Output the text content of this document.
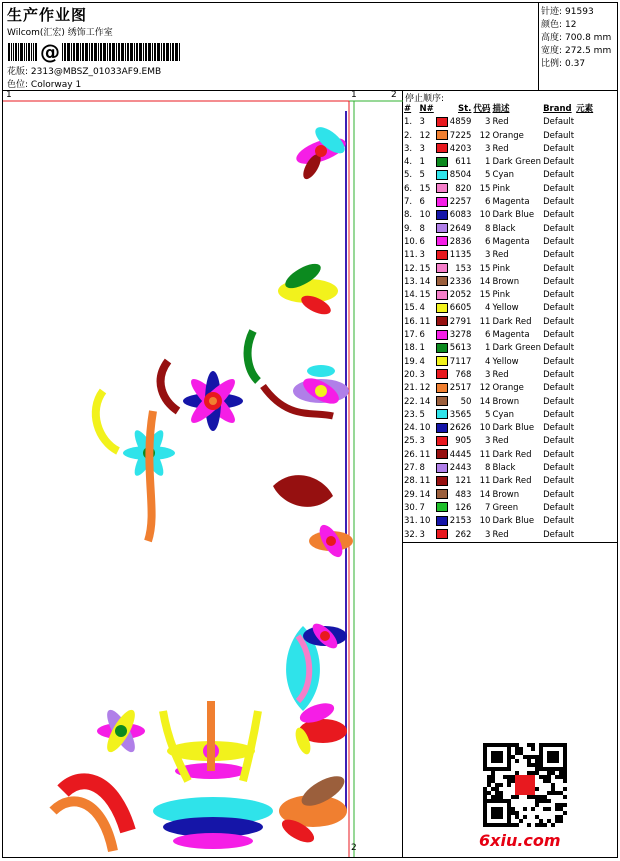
生产作业图
Wilcom(汇宏) 绣饰工作室
@
花版: 2313@MBSZ_01033AF9.EMB
色位: Colorway 1
针迹: 91593
颜色: 12
高度: 700.8 mm
宽度: 272.5 mm
比例: 0.37
1	1	2
2
停止顺序:
#	N#	St.		代码	描述	Brand	元素
1.	3		4859	3	Red	Default	
2.	12		7225	12	Orange	Default	
3.	3		4203	3	Red	Default	
4.	1		611	1	Dark Green	Default	
5.	5		8504	5	Cyan	Default	
6.	15		820	15	Pink	Default	
7.	6		2257	6	Magenta	Default	
8.	10		6083	10	Dark Blue	Default	
9.	8		2649	8	Black	Default	
10.	6		2836	6	Magenta	Default	
11.	3		1135	3	Red	Default	
12.	15		153	15	Pink	Default	
13.	14		2336	14	Brown	Default	
14.	15		2052	15	Pink	Default	
15.	4		6605	4	Yellow	Default	
16.	11		2791	11	Dark Red	Default	
17.	6		3278	6	Magenta	Default	
18.	1		5613	1	Dark Green	Default	
19.	4		7117	4	Yellow	Default	
20.	3		768	3	Red	Default	
21.	12		2517	12	Orange	Default	
22.	14		50	14	Brown	Default	
23.	5		3565	5	Cyan	Default	
24.	10		2626	10	Dark Blue	Default	
25.	3		905	3	Red	Default	
26.	11		4445	11	Dark Red	Default	
27.	8		2443	8	Black	Default	
28.	11		121	11	Dark Red	Default	
29.	14		483	14	Brown	Default	
30.	7		126	7	Green	Default	
31.	10		2153	10	Dark Blue	Default	
32.	3		262	3	Red	Default	
6xiu.com
